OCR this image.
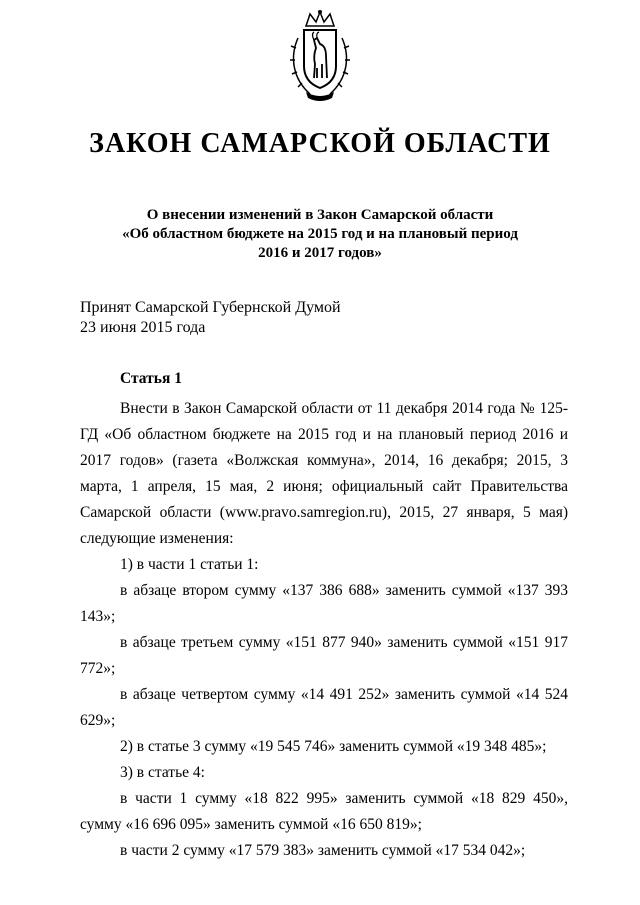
ЗАКОН САМАРСКОЙ ОБЛАСТИ
О внесении изменений в Закон Самарской области
«Об областном бюджете на 2015 год и на плановый период
2016 и 2017 годов»
Принят Самарской Губернской Думой
23 июня 2015 года
Статья 1

Внести в Закон Самарской области от 11 декабря 2014 года № 125-ГД «Об областном бюджете на 2015 год и на плановый период 2016 и 2017 годов» (газета «Волжская коммуна», 2014, 16 декабря; 2015, 3 марта, 1 апреля, 15 мая, 2 июня; официальный сайт Правительства Самарской области (www.pravo.samregion.ru), 2015, 27 января, 5 мая) следующие изменения:

1) в части 1 статьи 1:

в абзаце втором сумму «137 386 688» заменить суммой «137 393 143»;

в абзаце третьем сумму «151 877 940» заменить суммой «151 917 772»;

в абзаце четвертом сумму «14 491 252» заменить суммой «14 524 629»;

2) в статье 3 сумму «19 545 746» заменить суммой «19 348 485»;

3) в статье 4:

в части 1 сумму «18 822 995» заменить суммой «18 829 450», сумму «16 696 095» заменить суммой «16 650 819»;

в части 2 сумму «17 579 383» заменить суммой «17 534 042»;
